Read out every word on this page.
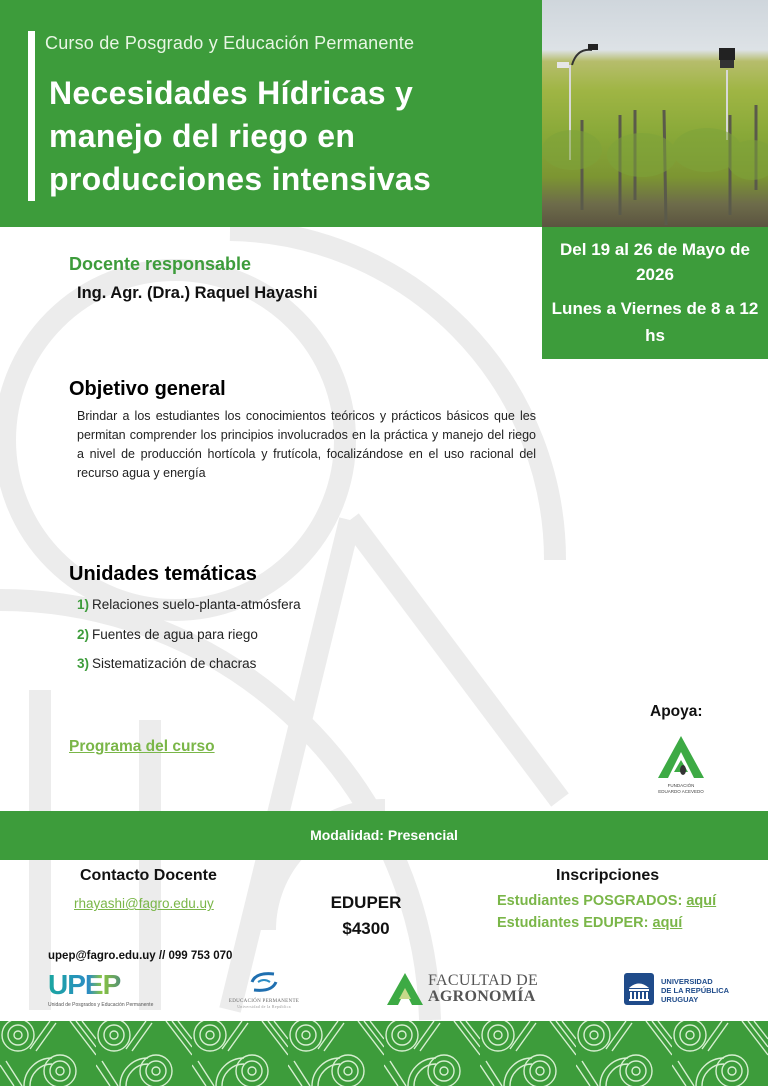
Curso de Posgrado y Educación Permanente
Necesidades Hídricas y manejo del riego en producciones intensivas
Del 19 al 26 de Mayo de 2026
Lunes a Viernes de 8 a 12 hs
Docente responsable
Ing. Agr. (Dra.) Raquel Hayashi
Objetivo general
Brindar a los estudiantes los conocimientos teóricos y prácticos básicos que les permitan comprender los principios involucrados en la práctica y manejo del riego a nivel de producción hortícola y frutícola, focalizándose en el uso racional del recurso agua y energía
Unidades temáticas
1) Relaciones suelo-planta-atmósfera
2) Fuentes de agua para riego
3) Sistematización de chacras
Programa del curso
Apoya:
FUNDACIÓN
EDUARDO ACEVEDO
Modalidad: Presencial
Contacto Docente
rhayashi@fagro.edu.uy	EDUPER
$4300
Inscripciones
Estudiantes POSGRADOS: aquí
Estudiantes EDUPER: aquí
upep@fagro.edu.uy // 099 753 070
UPEP
Unidad de Posgrados y Educación Permanente
EDUCACIÓN PERMANENTE
Universidad de la República
FACULTAD DE
AGRONOMÍA
UNIVERSIDAD
DE LA REPÚBLICA
URUGUAY
